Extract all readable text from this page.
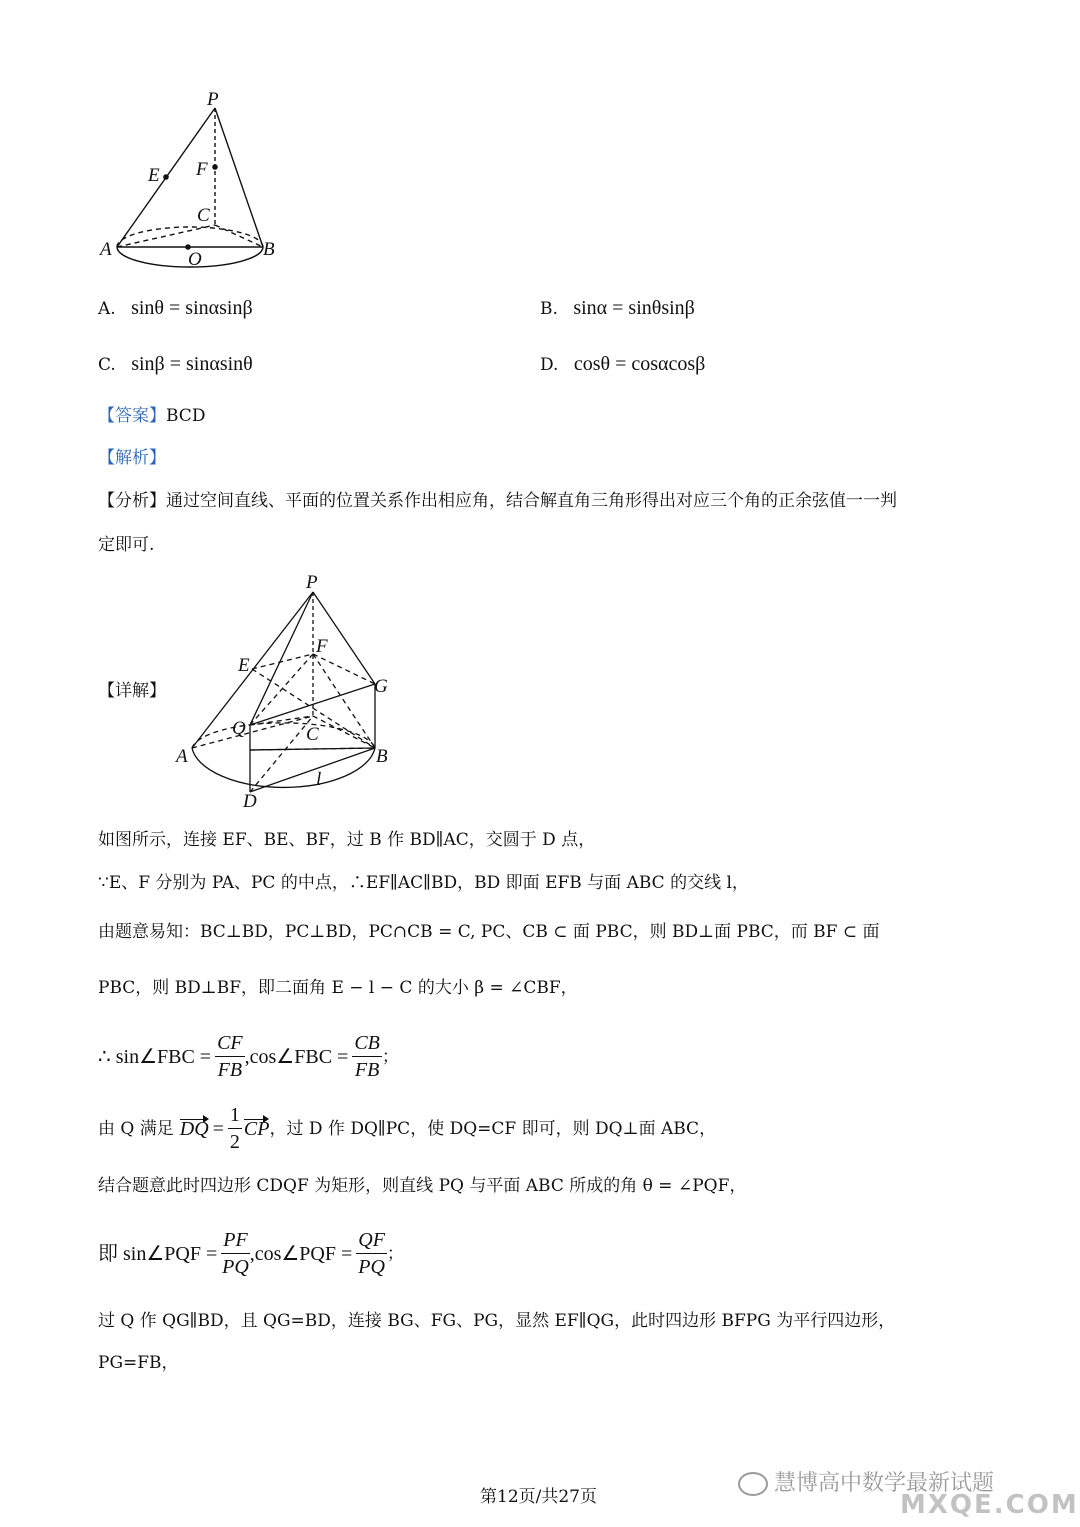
P
E F
C
A	O	B
A. sinθ = sinαsinβ	B. sinα = sinθsinβ
C. sinβ = sinαsinθ	D. cosθ = cosαcosβ
【答案】BCD
【解析】
【分析】通过空间直线、平面的位置关系作出相应角，结合解直角三角形得出对应三个角的正余弦值一一判
定即可.
【详解】
P
E
F
G
Q	C
A	B
l
D
如图所示，连接 EF、BE、BF，过 B 作 BD∥AC，交圆于 D 点，
∵E、F 分别为 PA、PC 的中点，∴EF∥AC∥BD，BD 即面 EFB 与面 ABC 的交线 l，
由题意易知：BC⊥BD，PC⊥BD，PC∩CB = C, PC、CB ⊂ 面 PBC，则 BD⊥面 PBC，而 BF ⊂ 面
PBC，则 BD⊥BF，即二面角 E − l − C 的大小 β = ∠CBF，
∴ sin∠FBC = $\frac{CF}{FB}$ ,cos∠FBC = $\frac{CB}{FB}$ ；
由 Q 满足 DQ = $\frac{1}{2}$ CP ，过 D 作 DQ∥PC，使 DQ=CF 即可，则 DQ⊥面 ABC，
结合题意此时四边形 CDQF 为矩形，则直线 PQ 与平面 ABC 所成的角 θ = ∠PQF，
即 sin∠PQF = $\frac{PF}{PQ}$ ,cos∠PQF = $\frac{QF}{PQ}$ ；
过 Q 作 QG∥BD，且 QG=BD，连接 BG、FG、PG，显然 EF∥QG，此时四边形 BFPG 为平行四边形，
PG=FB，
第12页/共27页
慧博高中数学最新试题
MXQE.COM
